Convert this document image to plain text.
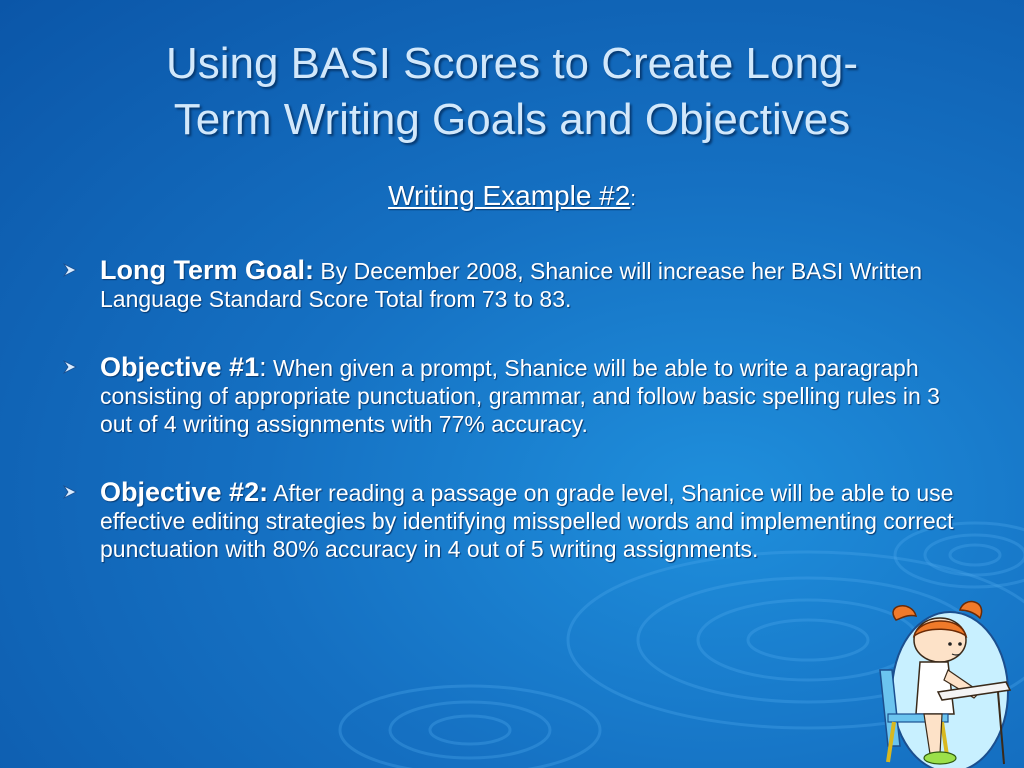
Using BASI Scores to Create Long-
Term Writing Goals and Objectives
Writing Example #2:
Long Term Goal: By December 2008, Shanice will increase her BASI Written Language Standard Score Total from 73 to 83.
Objective #1: When given a prompt, Shanice will be able to write a paragraph consisting of appropriate punctuation, grammar, and follow basic spelling rules in 3 out of 4 writing assignments with 77% accuracy.
Objective #2: After reading a passage on grade level, Shanice will be able to use effective editing strategies by identifying misspelled words and implementing correct punctuation with 80% accuracy in 4 out of 5 writing assignments.
